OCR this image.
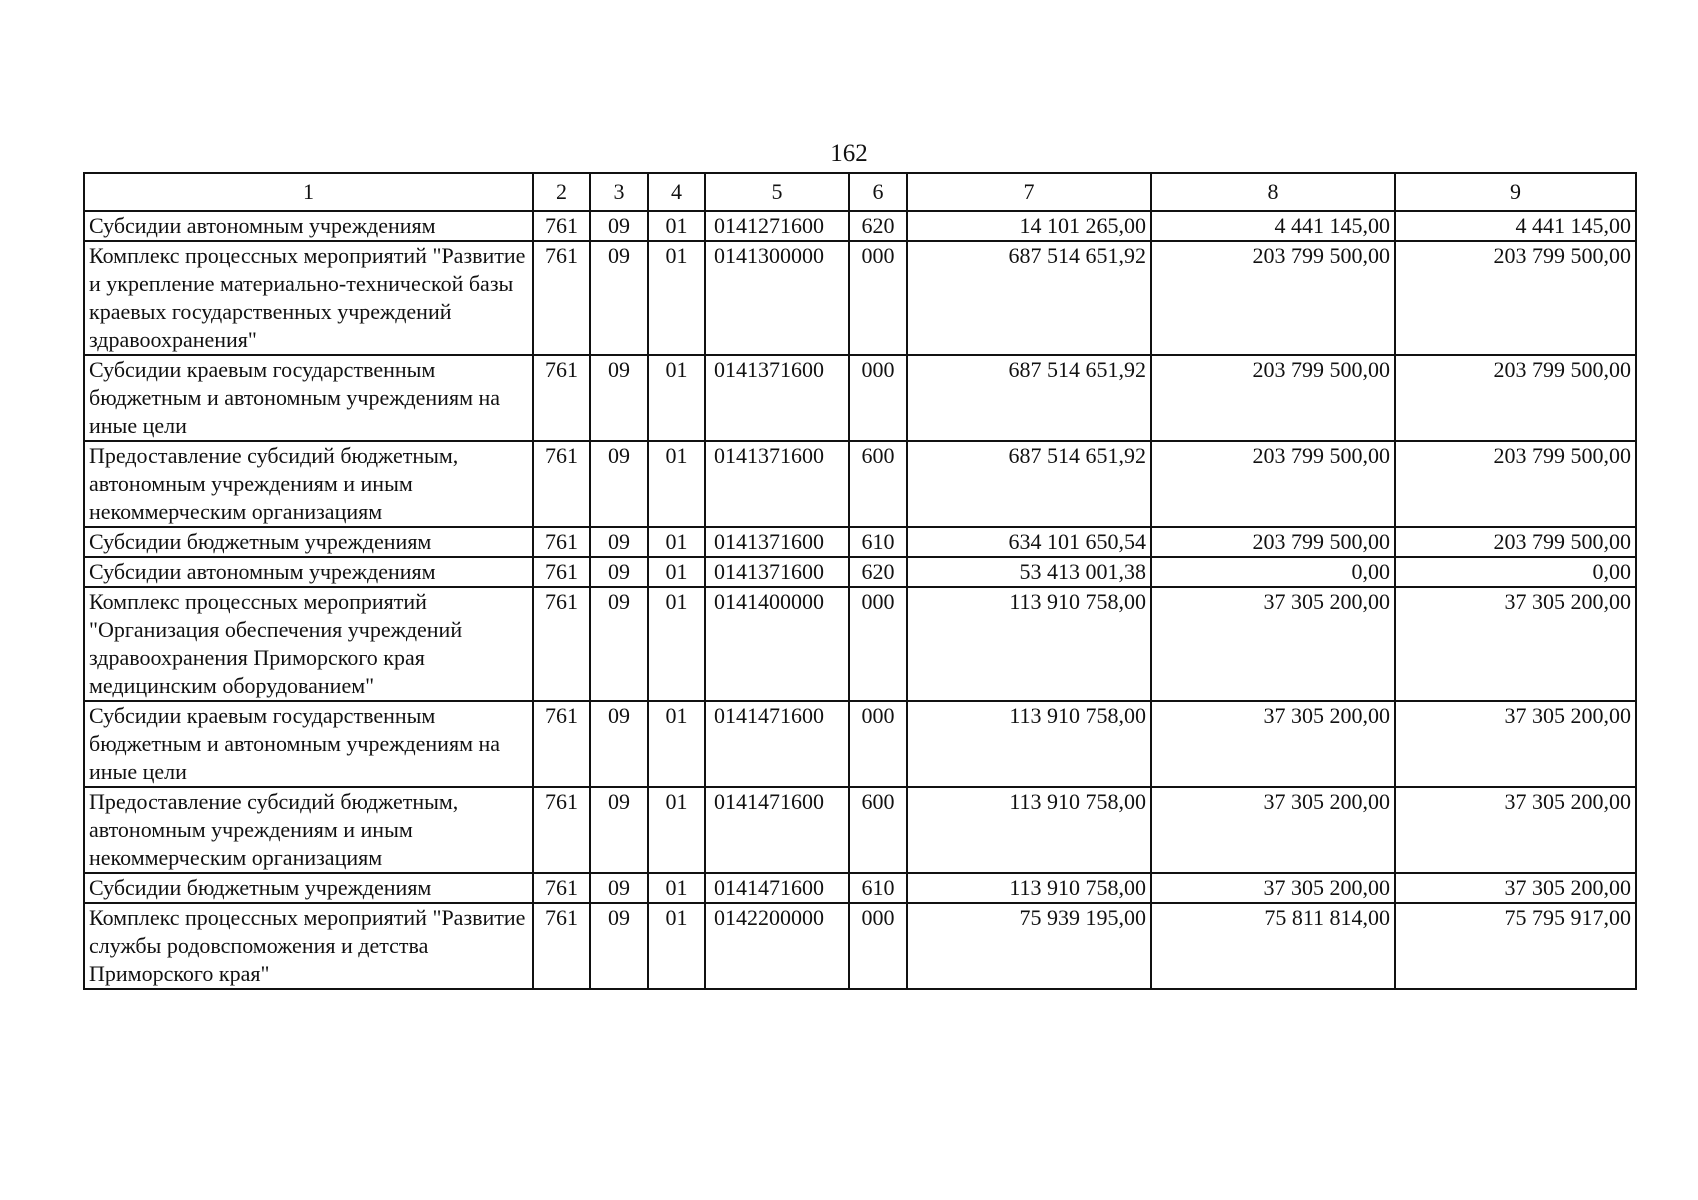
162
1	2	3	4	5	6	7	8	9
Субсидии автономным учреждениям	761	09	01	0141271600	620	14 101 265,00	4 441 145,00	4 441 145,00
Комплекс процессных мероприятий "Развитие и укрепление материально-технической базы краевых государственных учреждений здравоохранения"	761	09	01	0141300000	000	687 514 651,92	203 799 500,00	203 799 500,00
Субсидии краевым государственным бюджетным и автономным учреждениям на иные цели	761	09	01	0141371600	000	687 514 651,92	203 799 500,00	203 799 500,00
Предоставление субсидий бюджетным, автономным учреждениям и иным некоммерческим организациям	761	09	01	0141371600	600	687 514 651,92	203 799 500,00	203 799 500,00
Субсидии бюджетным учреждениям	761	09	01	0141371600	610	634 101 650,54	203 799 500,00	203 799 500,00
Субсидии автономным учреждениям	761	09	01	0141371600	620	53 413 001,38	0,00	0,00
Комплекс процессных мероприятий "Организация обеспечения учреждений здравоохранения Приморского края медицинским оборудованием"	761	09	01	0141400000	000	113 910 758,00	37 305 200,00	37 305 200,00
Субсидии краевым государственным бюджетным и автономным учреждениям на иные цели	761	09	01	0141471600	000	113 910 758,00	37 305 200,00	37 305 200,00
Предоставление субсидий бюджетным, автономным учреждениям и иным некоммерческим организациям	761	09	01	0141471600	600	113 910 758,00	37 305 200,00	37 305 200,00
Субсидии бюджетным учреждениям	761	09	01	0141471600	610	113 910 758,00	37 305 200,00	37 305 200,00
Комплекс процессных мероприятий "Развитие службы родовспоможения и детства Приморского края"	761	09	01	0142200000	000	75 939 195,00	75 811 814,00	75 795 917,00
